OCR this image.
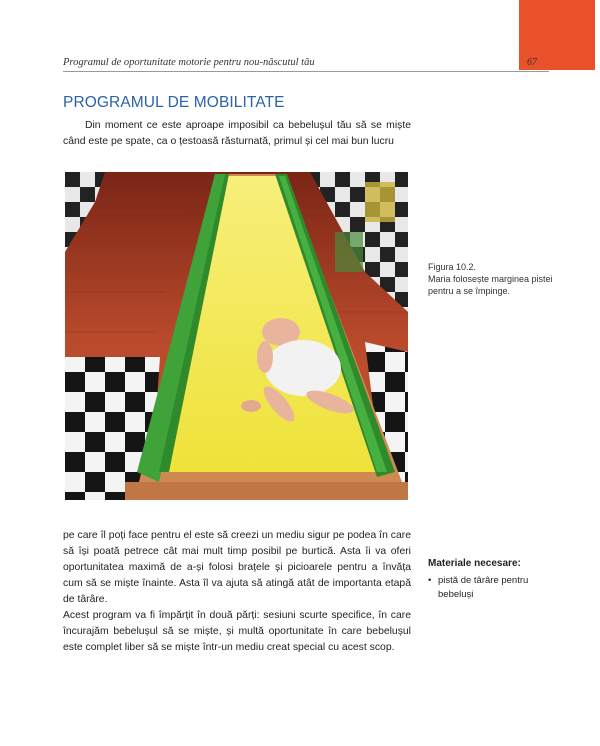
67
Programul de oportunitate motorie pentru nou-născutul tău
PROGRAMUL DE MOBILITATE

Din moment ce este aproape imposibil ca bebelușul tău să se miște când este pe spate, ca o țestoasă răsturnată, primul și cel mai bun lucru

Figura 10.2.
Maria folosește marginea pistei pentru a se împinge.

pe care îl poți face pentru el este să creezi un mediu sigur pe podea în care să își poată petrece cât mai mult timp posibil pe burtică. Asta îi va oferi oportunitatea maximă de a-și folosi brațele și picioarele pentru a învăța cum să se miște înainte. Asta îl va ajuta să atingă atât de importanta etapă de târâre.

Acest program va fi împărțit în două părți: sesiuni scurte specifice, în care încurajăm bebelușul să se miște, și multă oportunitate în care bebelușul este complet liber să se miște într-un mediu creat special cu acest scop.

Materiale necesare:
• pistă de târâre pentru bebeluși
